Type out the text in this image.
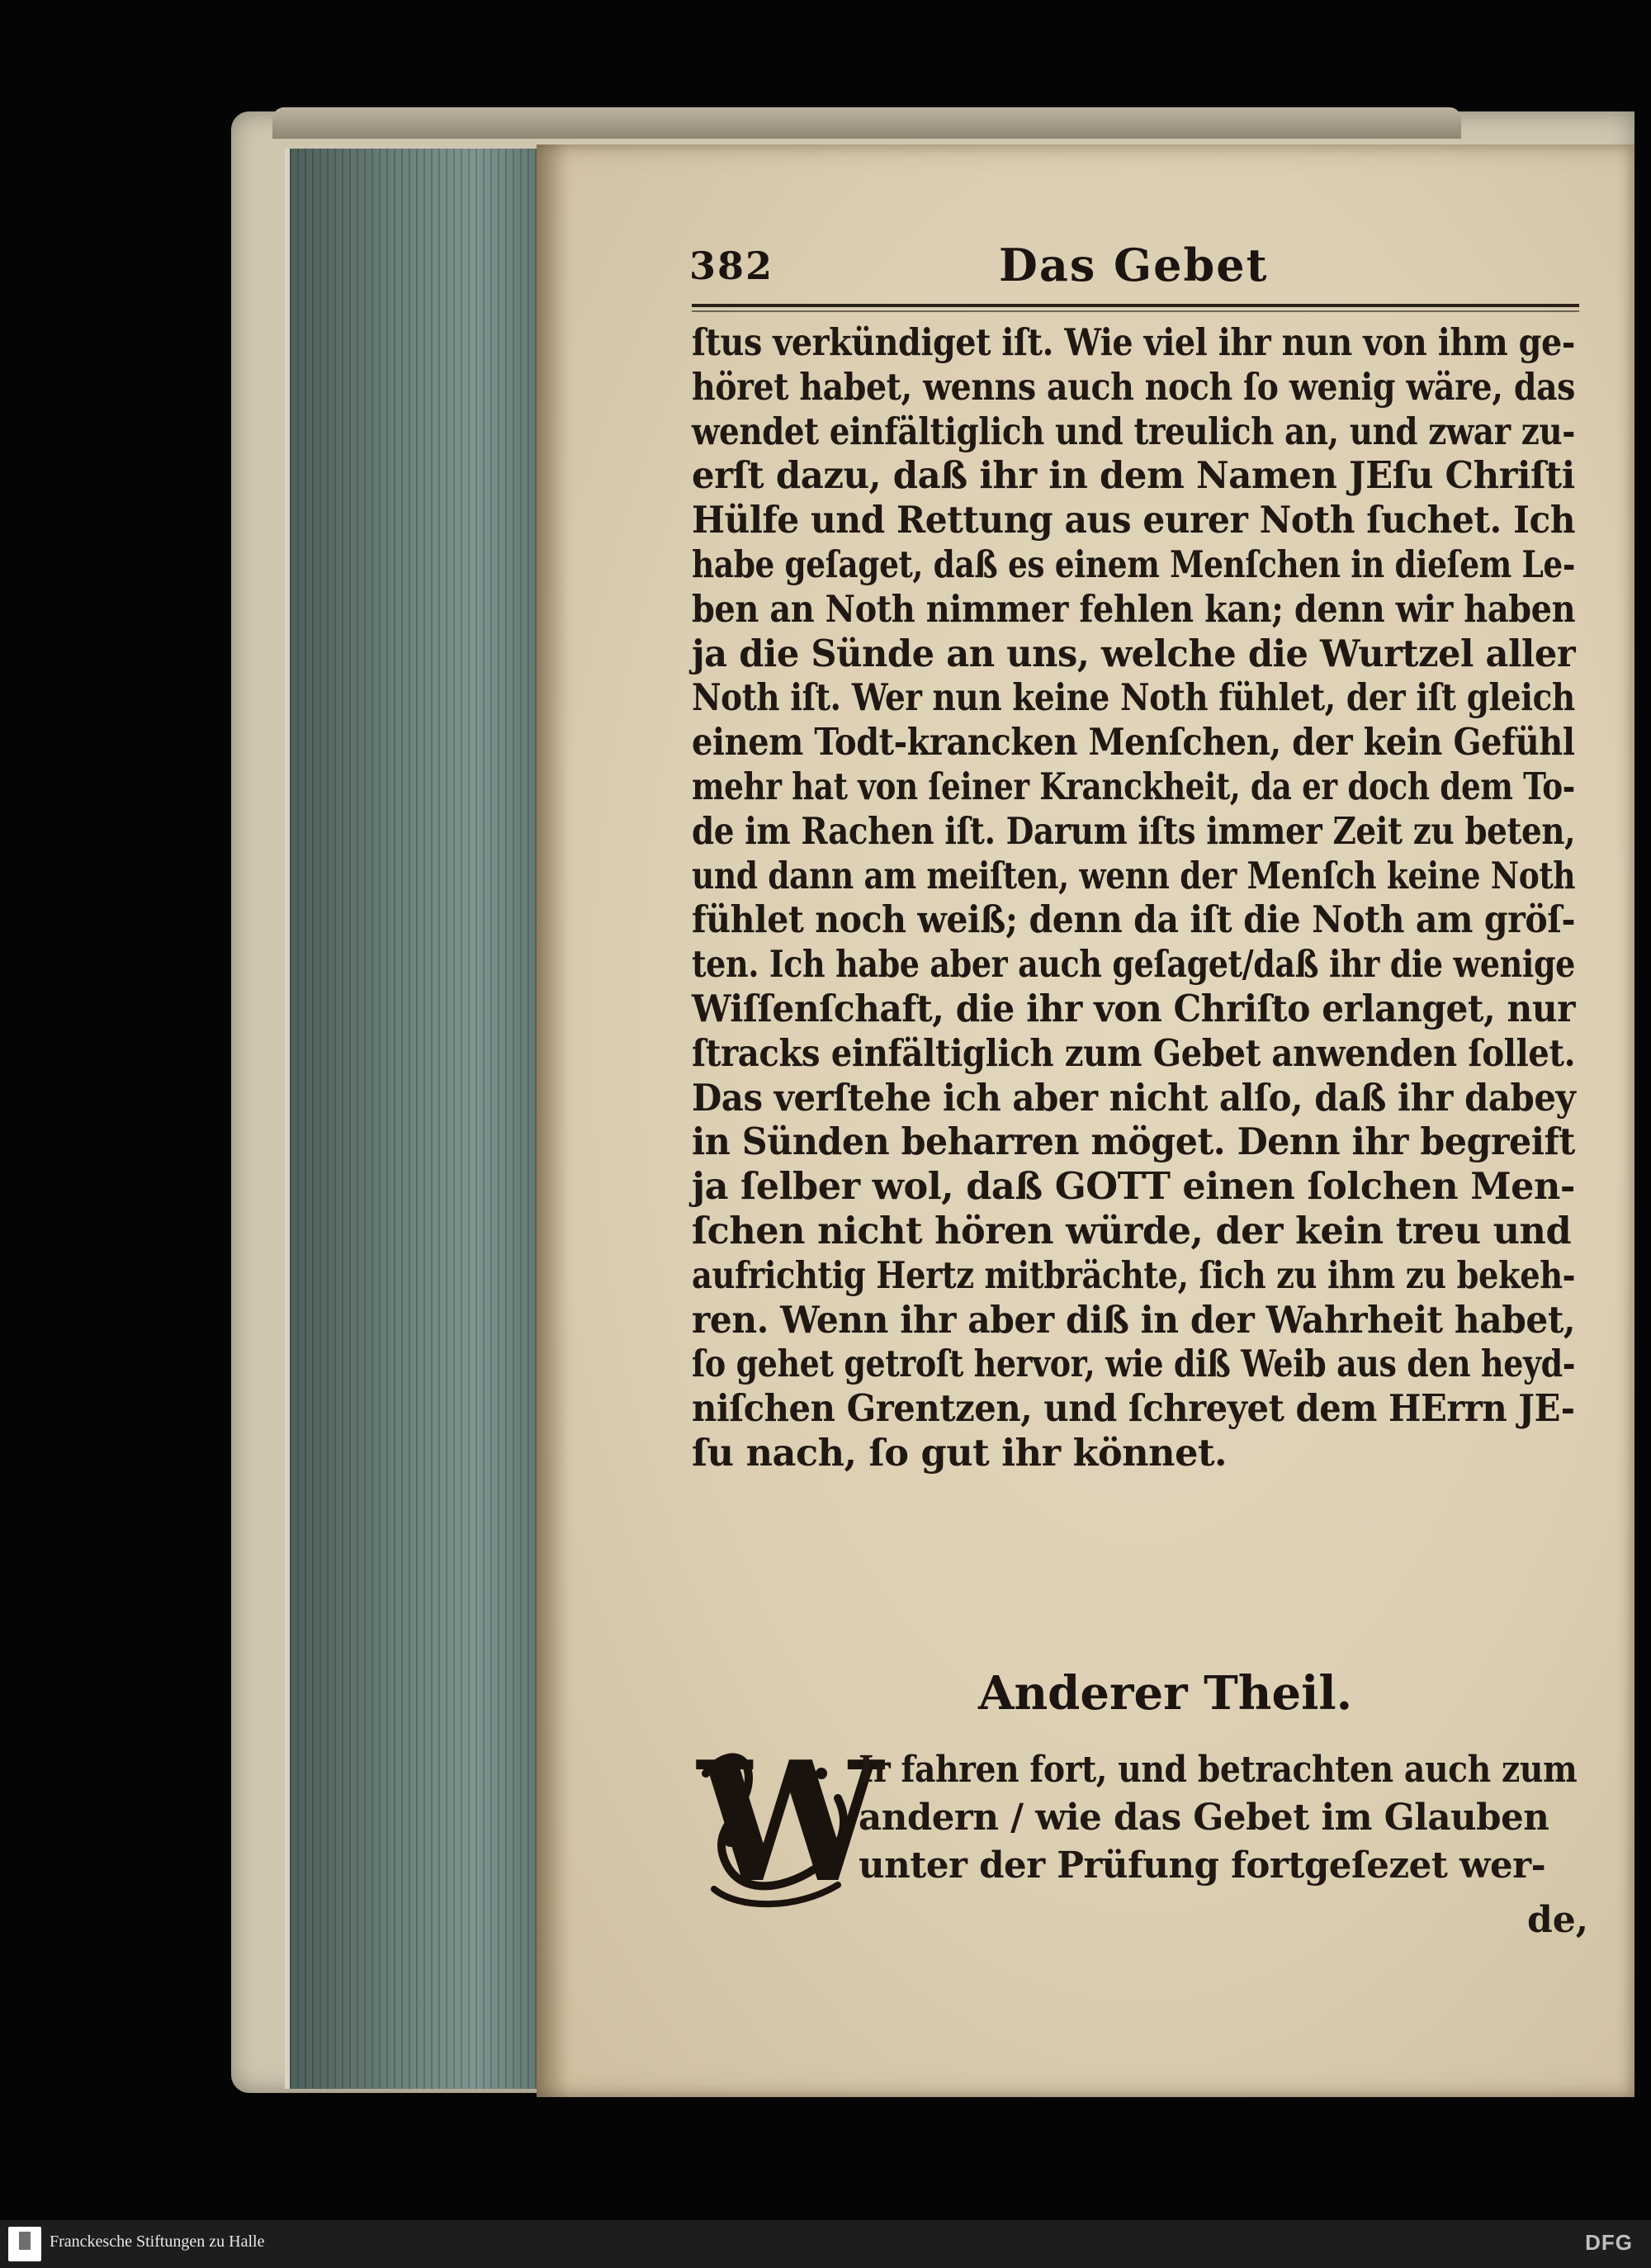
382	Das Gebet
ſtus verkündiget iſt. Wie viel ihr nun von ihm ge-
höret habet, wenns auch noch ſo wenig wäre, das
wendet einfältiglich und treulich an, und zwar zu-
erſt dazu, daß ihr in dem Namen JEſu Chriſti
Hülfe und Rettung aus eurer Noth ſuchet. Ich
habe geſaget, daß es einem Menſchen in dieſem Le-
ben an Noth nimmer fehlen kan; denn wir haben
ja die Sünde an uns, welche die Wurtzel aller
Noth iſt. Wer nun keine Noth fühlet, der iſt gleich
einem Todt-krancken Menſchen, der kein Gefühl
mehr hat von ſeiner Kranckheit, da er doch dem To-
de im Rachen iſt. Darum iſts immer Zeit zu beten,
und dann am meiſten, wenn der Menſch keine Noth
fühlet noch weiß; denn da iſt die Noth am gröſ-
ten. Ich habe aber auch geſaget/daß ihr die wenige
Wiſſenſchaft, die ihr von Chriſto erlanget, nur
ſtracks einfältiglich zum Gebet anwenden ſollet.
Das verſtehe ich aber nicht alſo, daß ihr dabey
in Sünden beharren möget. Denn ihr begreift
ja ſelber wol, daß GOTT einen ſolchen Men-
ſchen nicht hören würde, der kein treu und
aufrichtig Hertz mitbrächte, ſich zu ihm zu bekeh-
ren. Wenn ihr aber diß in der Wahrheit habet,
ſo gehet getroſt hervor, wie diß Weib aus den heyd-
niſchen Grentzen, und ſchreyet dem HErrn JE-
ſu nach, ſo gut ihr könnet.
Anderer Theil.
W
Ir fahren fort, und betrachten auch zum
andern / wie das Gebet im Glauben
unter der Prüfung fortgeſezet wer-
de,
Franckesche Stiftungen zu Halle	DFG
